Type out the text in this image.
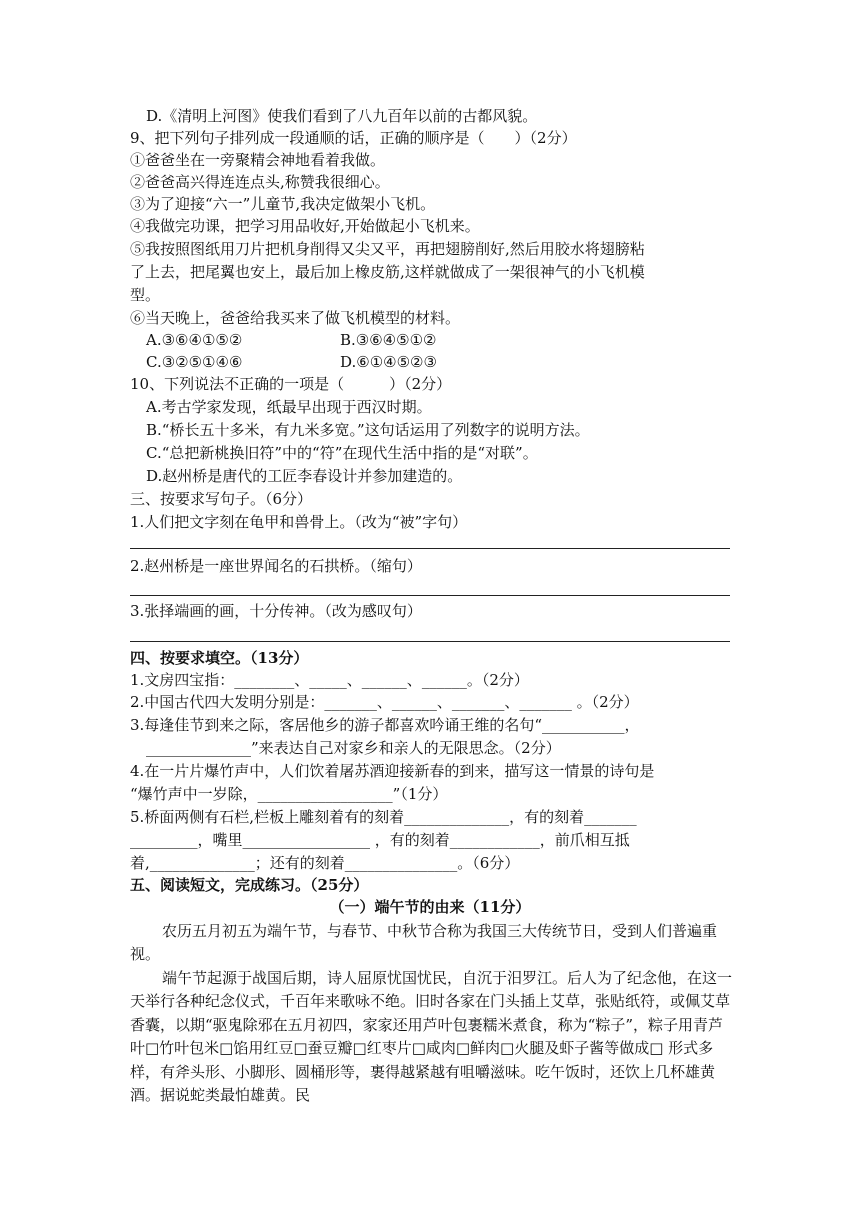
D.《清明上河图》使我们看到了八九百年以前的古都风貌。
9、把下列句子排列成一段通顺的话，正确的顺序是（　　）（2分）
①爸爸坐在一旁聚精会神地看着我做。
②爸爸高兴得连连点头,称赞我很细心。
③为了迎接“六一”儿童节,我决定做架小飞机。
④我做完功课，把学习用品收好,开始做起小飞机来。
⑤我按照图纸用刀片把机身削得又尖又平，再把翅膀削好,然后用胶水将翅膀粘
了上去，把尾翼也安上，最后加上橡皮筋,这样就做成了一架很神气的小飞机模
型。
⑥当天晚上，爸爸给我买来了做飞机模型的材料。
A.③⑥④①⑤②	B.③⑥④⑤①②
C.③②⑤①④⑥	D.⑥①④⑤②③
10、下列说法不正确的一项是（　　　）（2分）
A.考古学家发现，纸最早出现于西汉时期。
B.“桥长五十多米，有九米多宽。”这句话运用了列数字的说明方法。
C.“总把新桃换旧符”中的“符”在现代生活中指的是“对联”。
D.赵州桥是唐代的工匠李春设计并参加建造的。
三、按要求写句子。（6分）
1.人们把文字刻在龟甲和兽骨上。（改为“被”字句）
2.赵州桥是一座世界闻名的石拱桥。（缩句）
3.张择端画的画，十分传神。（改为感叹句）
四、按要求填空。（13分）
1.文房四宝指：________、_____、______、______。（2分）
2.中国古代四大发明分别是：_______、______、_______、_______ 。（2分）
3.每逢佳节到来之际，客居他乡的游子都喜欢吟诵王维的名句“___________，
______________”来表达自己对家乡和亲人的无限思念。（2分）
4.在一片片爆竹声中，人们饮着屠苏酒迎接新春的到来，描写这一情景的诗句是
“爆竹声中一岁除，__________________”（1分）
5.桥面两侧有石栏,栏板上雕刻着有的刻着______________，有的刻着_______
_________，嘴里_________________ ，有的刻着____________，前爪相互抵
着,______________；还有的刻着_______________。（6分）
五、阅读短文，完成练习。（25分）
（一）端午节的由来（11分）
农历五月初五为端午节，与春节、中秋节合称为我国三大传统节日，受到人们普遍重视。
端午节起源于战国后期，诗人屈原忧国忧民，自沉于汨罗江。后人为了纪念他，在这一天举行各种纪念仪式，千百年来歌咏不绝。旧时各家在门头插上艾草，张贴纸符，或佩艾草香囊，以期“驱鬼除邪在五月初四，家家还用芦叶包裹糯米煮食，称为“粽子”，粽子用青芦叶□竹叶包米□馅用红豆□蚕豆瓣□红枣片□咸肉□鲜肉□火腿及虾子酱等做成□ 形式多样，有斧头形、小脚形、圆桶形等，裹得越紧越有咀嚼滋味。吃午饭时，还饮上几杯雄黄酒。据说蛇类最怕雄黄。民
